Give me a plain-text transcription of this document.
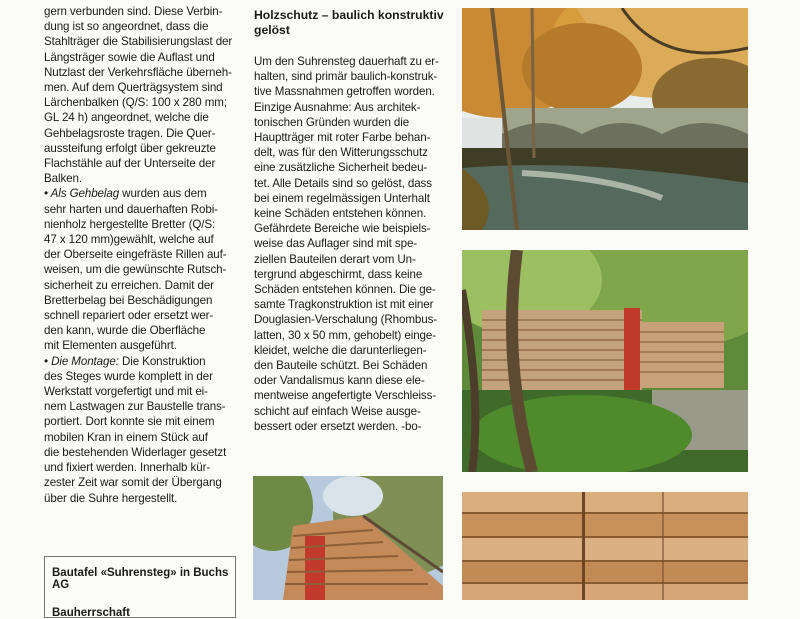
gern verbunden sind. Diese Verbin-

dung ist so angeordnet, dass die

Stahlträger die Stabilisierungslast der

Längsträger sowie die Auflast und

Nutzlast der Verkehrsfläche überneh-

men. Auf dem Querträgsystem sind

Lärchenbalken (Q/S: 100 x 280 mm;

GL 24 h) angeordnet, welche die

Gehbelagsroste tragen. Die Quer-

aussteifung erfolgt über gekreuzte

Flachstähle auf der Unterseite der

Balken.

• Als Gehbelag wurden aus dem

sehr harten und dauerhaften Robi-

nienholz hergestellte Bretter (Q/S:

47 x 120 mm)gewählt, welche auf

der Oberseite eingefräste Rillen auf-

weisen, um die gewünschte Rutsch-

sicherheit zu erreichen. Damit der

Bretterbelag bei Beschädigungen

schnell repariert oder ersetzt wer-

den kann, wurde die Oberfläche

mit Elementen ausgeführt.

• Die Montage: Die Konstruktion

des Steges wurde komplett in der

Werkstatt vorgefertigt und mit ei-

nem Lastwagen zur Baustelle trans-

portiert. Dort konnte sie mit einem

mobilen Kran in einem Stück auf

die bestehenden Widerlager gesetzt

und fixiert werden. Innerhalb kür-

zester Zeit war somit der Übergang

über die Suhre hergestellt.

Bautafel «Suhrensteg» in Buchs AG
Bauherrschaft
Holzschutz – baulich konstruktiv
gelöst

Um den Suhrensteg dauerhaft zu er-

halten, sind primär baulich-konstruk-

tive Massnahmen getroffen worden.

Einzige Ausnahme: Aus architek-

tonischen Gründen wurden die

Hauptträger mit roter Farbe behan-

delt, was für den Witterungsschutz

eine zusätzliche Sicherheit bedeu-

tet. Alle Details sind so gelöst, dass

bei einem regelmässigen Unterhalt

keine Schäden entstehen können.

Gefährdete Bereiche wie beispiels-

weise das Auflager sind mit spe-

ziellen Bauteilen derart vom Un-

tergrund abgeschirmt, dass keine

Schäden entstehen können. Die ge-

samte Tragkonstruktion ist mit einer

Douglasien-Verschalung (Rhombus-

latten, 30 x 50 mm, gehobelt) einge-

kleidet, welche die darunterliegen-

den Bauteile schützt. Bei Schäden

oder Vandalismus kann diese ele-

mentweise angefertigte Verschleiss-

schicht auf einfach Weise ausge-

bessert oder ersetzt werden. -bo-
